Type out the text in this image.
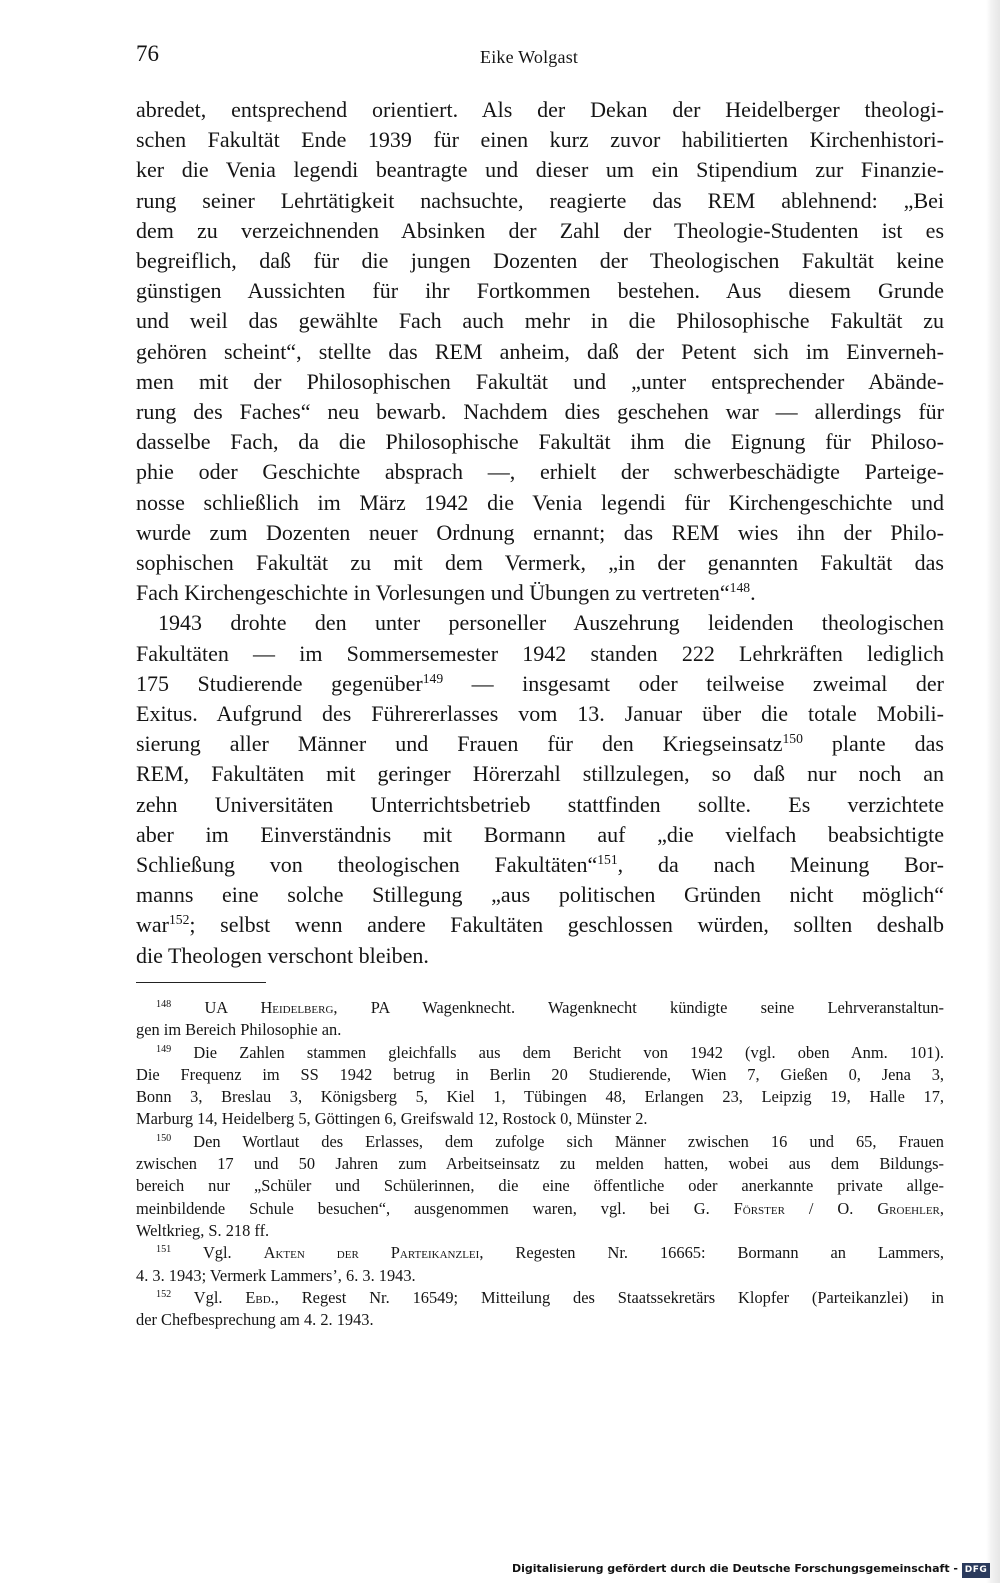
76	Eike Wolgast
abredet, entsprechend orientiert. Als der Dekan der Heidelberger theologi-
schen Fakultät Ende 1939 für einen kurz zuvor habilitierten Kirchenhistori-
ker die Venia legendi beantragte und dieser um ein Stipendium zur Finanzie-
rung seiner Lehrtätigkeit nachsuchte, reagierte das REM ablehnend: „Bei
dem zu verzeichnenden Absinken der Zahl der Theologie-Studenten ist es
begreiflich, daß für die jungen Dozenten der Theologischen Fakultät keine
günstigen Aussichten für ihr Fortkommen bestehen. Aus diesem Grunde
und weil das gewählte Fach auch mehr in die Philosophische Fakultät zu
gehören scheint“, stellte das REM anheim, daß der Petent sich im Einverneh-
men mit der Philosophischen Fakultät und „unter entsprechender Abände-
rung des Faches“ neu bewarb. Nachdem dies geschehen war — allerdings für
dasselbe Fach, da die Philosophische Fakultät ihm die Eignung für Philoso-
phie oder Geschichte absprach —, erhielt der schwerbeschädigte Parteige-
nosse schließlich im März 1942 die Venia legendi für Kirchengeschichte und
wurde zum Dozenten neuer Ordnung ernannt; das REM wies ihn der Philo-
sophischen Fakultät zu mit dem Vermerk, „in der genannten Fakultät das
Fach Kirchengeschichte in Vorlesungen und Übungen zu vertreten“$^{148}$.
1943 drohte den unter personeller Auszehrung leidenden theologischen
Fakultäten — im Sommersemester 1942 standen 222 Lehrkräften lediglich
175 Studierende gegenüber$^{149}$ — insgesamt oder teilweise zweimal der
Exitus. Aufgrund des Führererlasses vom 13. Januar über die totale Mobili-
sierung aller Männer und Frauen für den Kriegseinsatz$^{150}$ plante das
REM, Fakultäten mit geringer Hörerzahl stillzulegen, so daß nur noch an
zehn Universitäten Unterrichtsbetrieb stattfinden sollte. Es verzichtete
aber im Einverständnis mit Bormann auf „die vielfach beabsichtigte
Schließung von theologischen Fakultäten“$^{151}$, da nach Meinung Bor-
manns eine solche Stillegung „aus politischen Gründen nicht möglich“
war$^{152}$; selbst wenn andere Fakultäten geschlossen würden, sollten deshalb
die Theologen verschont bleiben.
$^{148}$ UA Heidelberg, PA Wagenknecht. Wagenknecht kündigte seine Lehrveranstaltun-
gen im Bereich Philosophie an.
$^{149}$ Die Zahlen stammen gleichfalls aus dem Bericht von 1942 (vgl. oben Anm. 101).
Die Frequenz im SS 1942 betrug in Berlin 20 Studierende, Wien 7, Gießen 0, Jena 3,
Bonn 3, Breslau 3, Königsberg 5, Kiel 1, Tübingen 48, Erlangen 23, Leipzig 19, Halle 17,
Marburg 14, Heidelberg 5, Göttingen 6, Greifswald 12, Rostock 0, Münster 2.
$^{150}$ Den Wortlaut des Erlasses, dem zufolge sich Männer zwischen 16 und 65, Frauen
zwischen 17 und 50 Jahren zum Arbeitseinsatz zu melden hatten, wobei aus dem Bildungs-
bereich nur „Schüler und Schülerinnen, die eine öffentliche oder anerkannte private allge-
meinbildende Schule besuchen“, ausgenommen waren, vgl. bei G. Förster / O. Groehler,
Weltkrieg, S. 218 ff.
$^{151}$ Vgl. Akten der Parteikanzlei, Regesten Nr. 16665: Bormann an Lammers,
4. 3. 1943; Vermerk Lammers’, 6. 3. 1943.
$^{152}$ Vgl. Ebd., Regest Nr. 16549; Mitteilung des Staatssekretärs Klopfer (Parteikanzlei) in
der Chefbesprechung am 4. 2. 1943.
Digitalisierung gefördert durch die Deutsche Forschungsgemeinschaft - DFG
